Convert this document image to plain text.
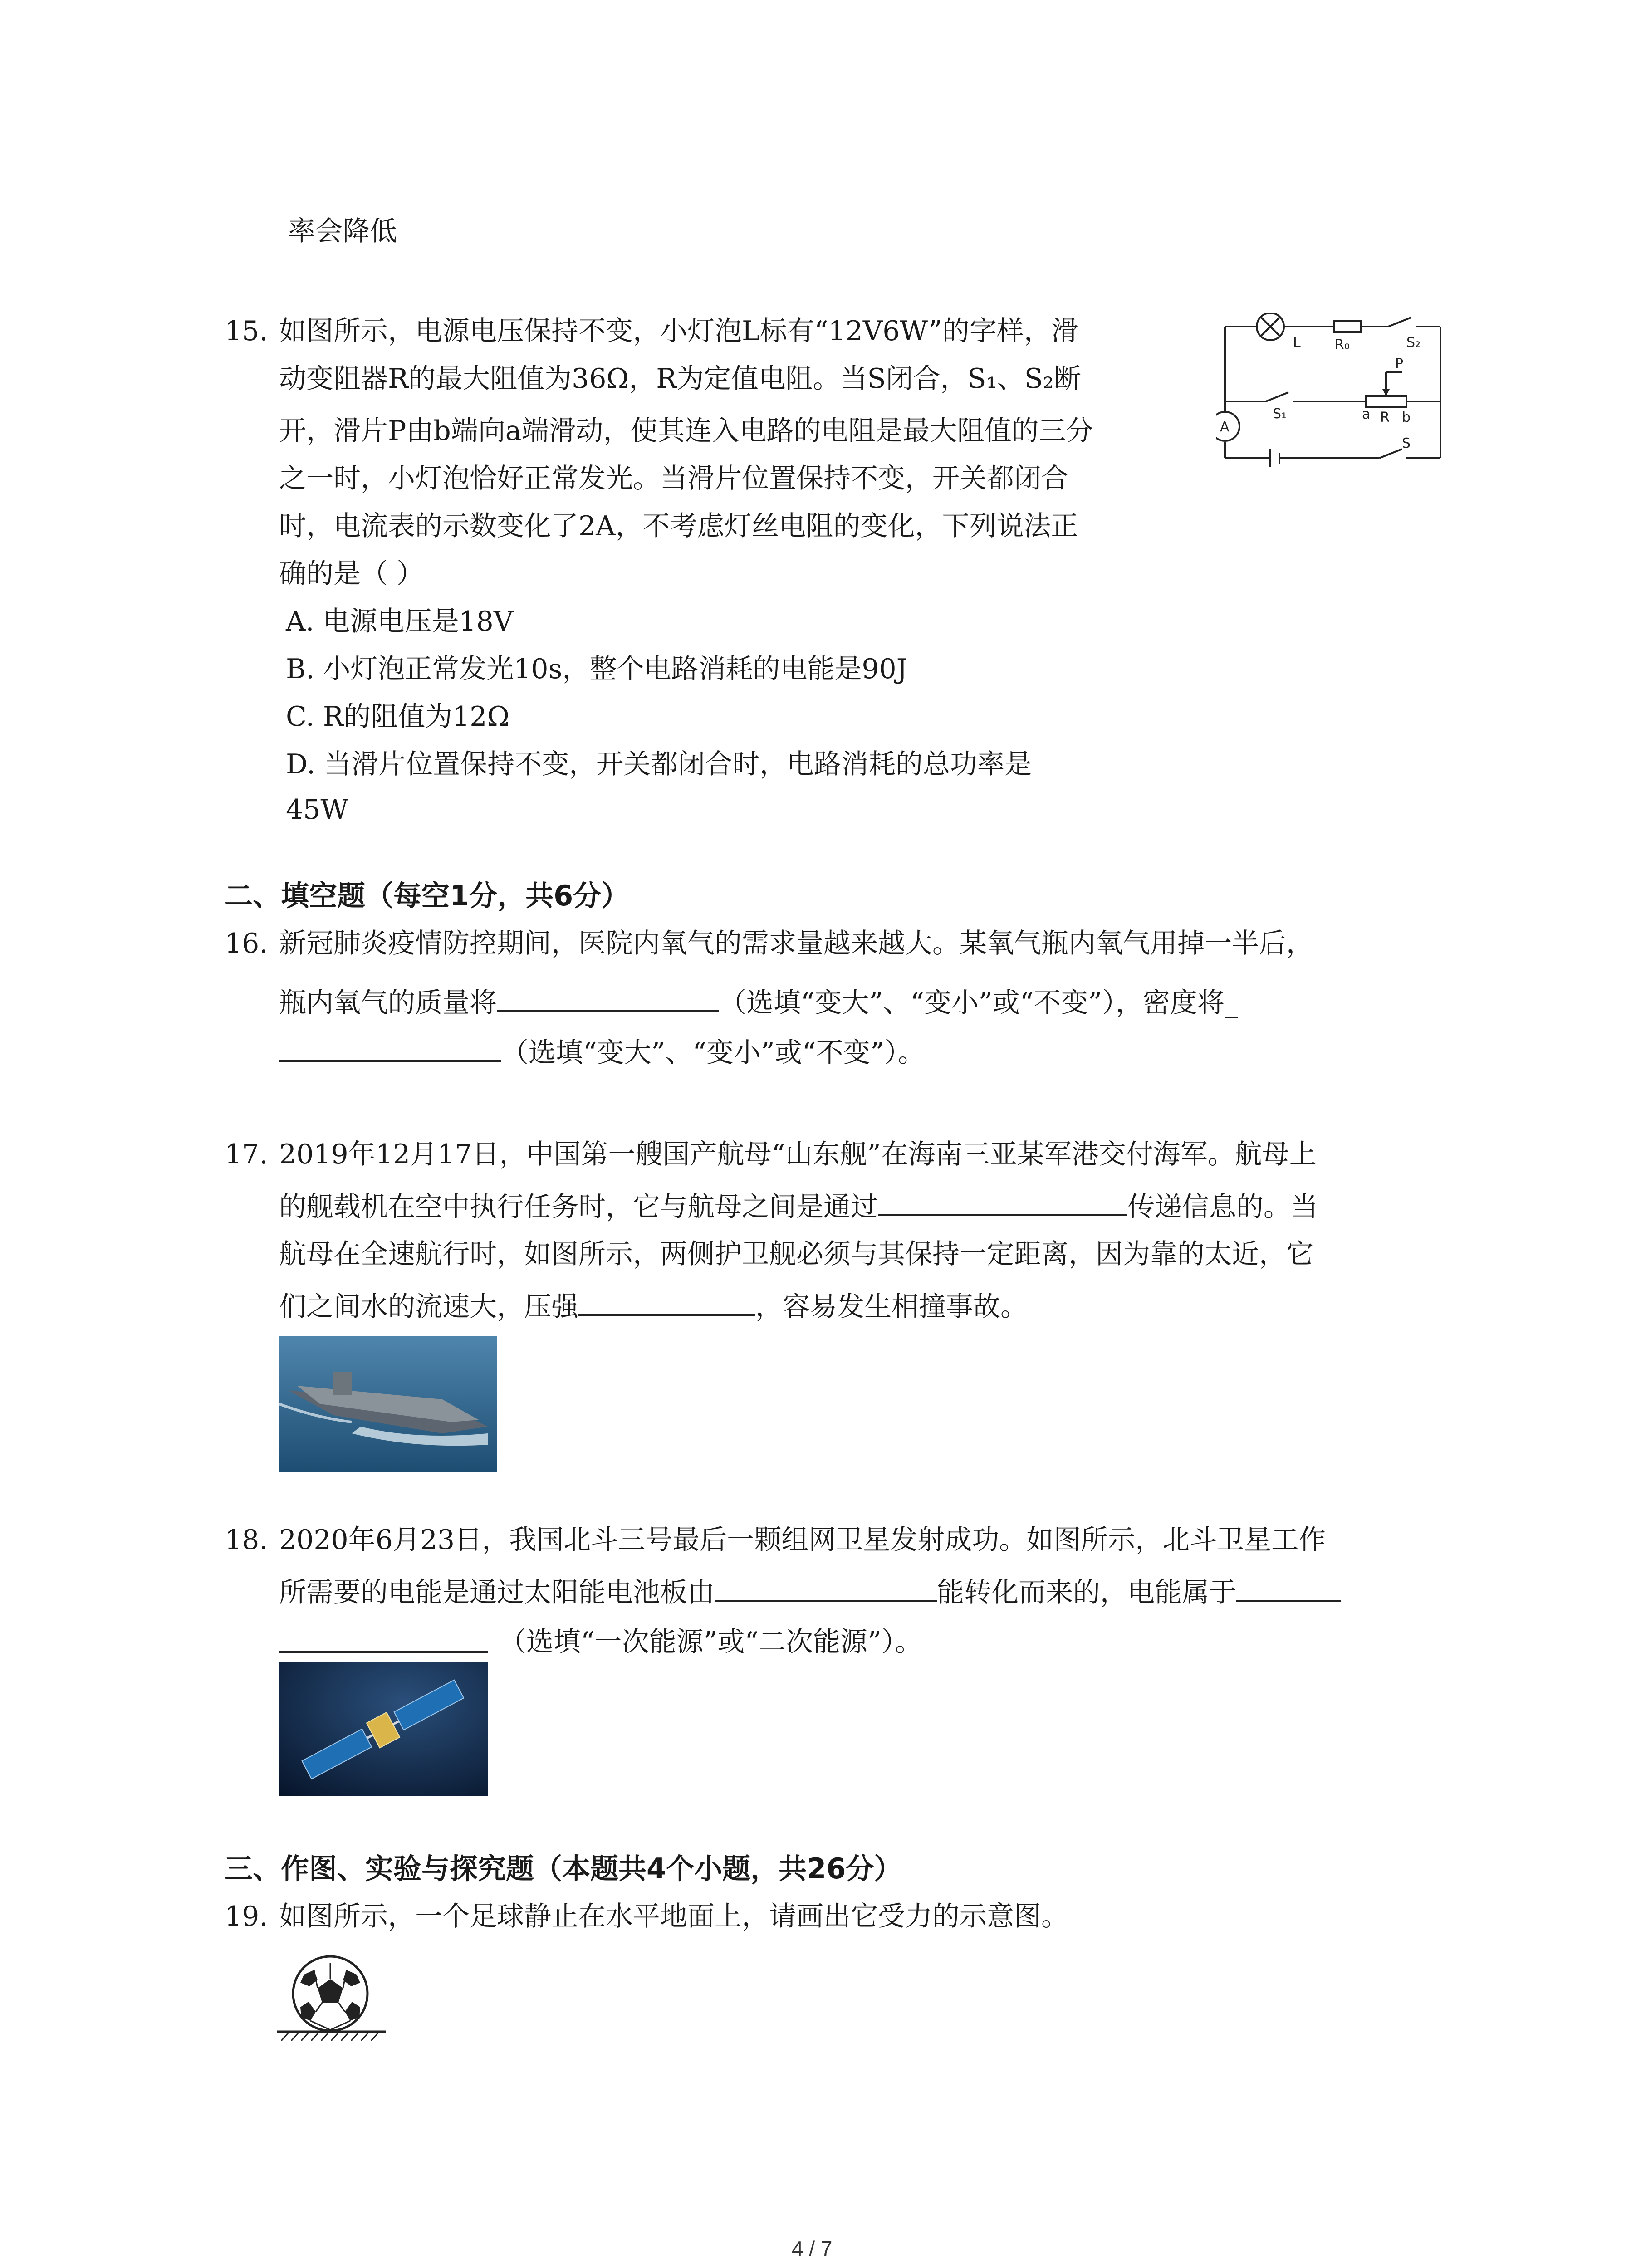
率会降低
15. 如图所示，电源电压保持不变，小灯泡L标有“12V6W”的字样，滑
动变阻器R的最大阻值为36Ω，R为定值电阻。当S闭合，S₁、S₂断
开，滑片P由b端向a端滑动，使其连入电路的电阻是最大阻值的三分
之一时，小灯泡恰好正常发光。当滑片位置保持不变，开关都闭合
时，电流表的示数变化了2A，不考虑灯丝电阻的变化，下列说法正
确的是（ ）
A. 电源电压是18V
B. 小灯泡正常发光10s，整个电路消耗的电能是90J
C. R的阻值为12Ω
D. 当滑片位置保持不变，开关都闭合时，电路消耗的总功率是
45W
L	R₀	S₂
P
R
a b
S₁
A
S
二、填空题（每空1分，共6分）
16. 新冠肺炎疫情防控期间，医院内氧气的需求量越来越大。某氧气瓶内氧气用掉一半后，
瓶内氧气的质量将	（选填“变大”、“变小”或“不变”），密度将_
（选填“变大”、“变小”或“不变”）。
17. 2019年12月17日，中国第一艘国产航母“山东舰”在海南三亚某军港交付海军。航母上
的舰载机在空中执行任务时，它与航母之间是通过	传递信息的。当
航母在全速航行时，如图所示，两侧护卫舰必须与其保持一定距离，因为靠的太近，它
们之间水的流速大，压强	，容易发生相撞事故。
18. 2020年6月23日，我国北斗三号最后一颗组网卫星发射成功。如图所示，北斗卫星工作
所需要的电能是通过太阳能电池板由	能转化而来的，电能属于
（选填“一次能源”或“二次能源”）。
三、作图、实验与探究题（本题共4个小题，共26分）
19. 如图所示，一个足球静止在水平地面上，请画出它受力的示意图。
4 / 7
